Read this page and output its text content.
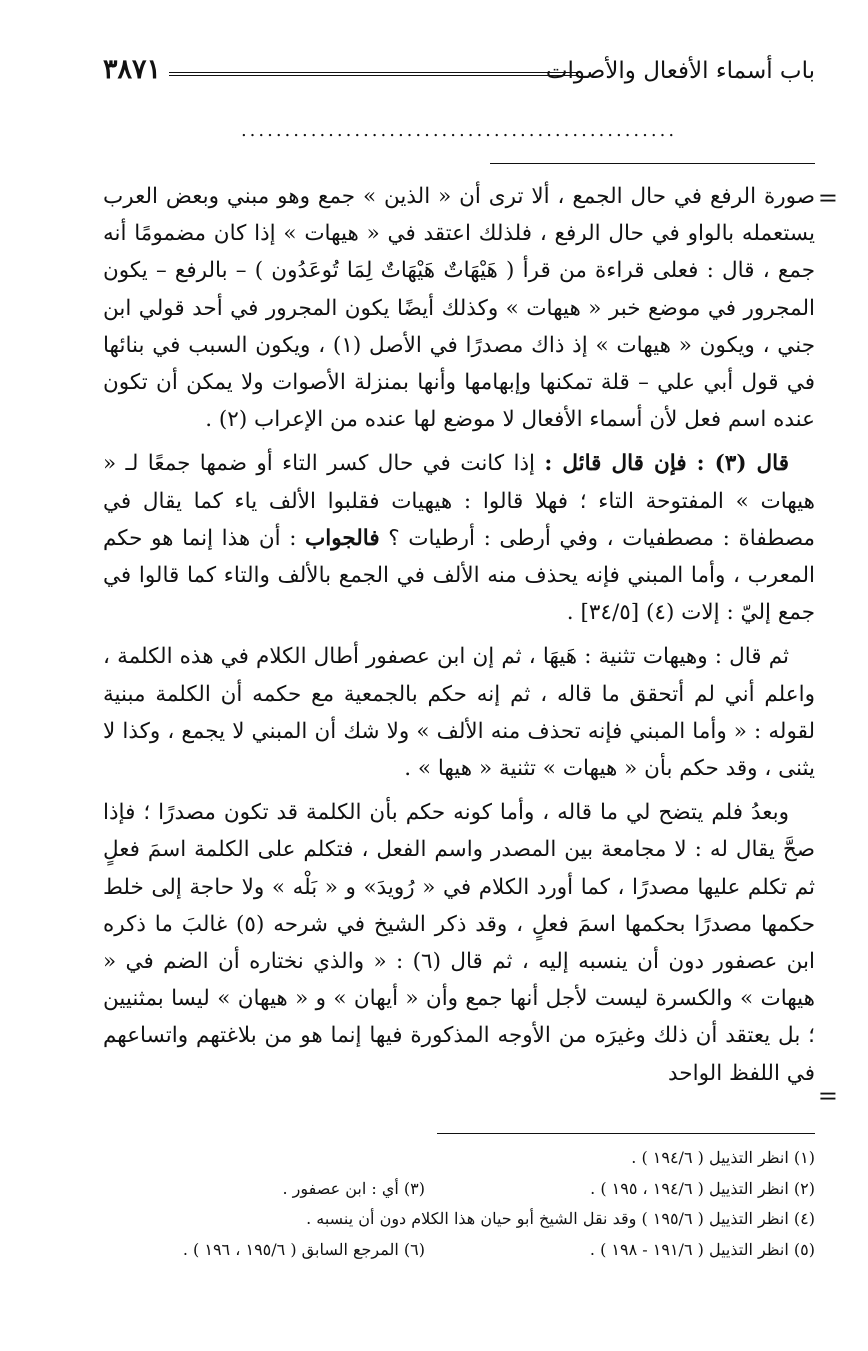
باب أسماء الأفعال والأصوات
٣٨٧١
..................................................
=

صورة الرفع في حال الجمع ، ألا ترى أن « الذين » جمع وهو مبني وبعض العرب يستعمله بالواو في حال الرفع ، فلذلك اعتقد في « هيهات » إذا كان مضمومًا أنه جمع ، قال : فعلى قراءة من قرأ ( هَيْهَاتٌ هَيْهَاتٌ لِمَا تُوعَدُون ) – بالرفع – يكون المجرور في موضع خبر « هيهات » وكذلك أيضًا يكون المجرور في أحد قولي ابن جني ، ويكون « هيهات » إذ ذاك مصدرًا في الأصل (١) ، ويكون السبب في بنائها في قول أبي علي – قلة تمكنها وإبهامها وأنها بمنزلة الأصوات ولا يمكن أن تكون عنده اسم فعل لأن أسماء الأفعال لا موضع لها عنده من الإعراب (٢) .

قال (٣) : فإن قال قائل : إذا كانت في حال كسر التاء أو ضمها جمعًا لـ « هيهات » المفتوحة التاء ؛ فهلا قالوا : هيهيات فقلبوا الألف ياء كما يقال في مصطفاة : مصطفيات ، وفي أرطى : أرطيات ؟ فالجواب : أن هذا إنما هو حكم المعرب ، وأما المبني فإنه يحذف منه الألف في الجمع بالألف والتاء كما قالوا في جمع إليّ : إلات (٤) [٣٤/٥] .

ثم قال : وهيهات تثنية : هَيهَا ، ثم إن ابن عصفور أطال الكلام في هذه الكلمة ، واعلم أني لم أتحقق ما قاله ، ثم إنه حكم بالجمعية مع حكمه أن الكلمة مبنية لقوله : « وأما المبني فإنه تحذف منه الألف » ولا شك أن المبني لا يجمع ، وكذا لا يثنى ، وقد حكم بأن « هيهات » تثنية « هيها » .

وبعدُ فلم يتضح لي ما قاله ، وأما كونه حكم بأن الكلمة قد تكون مصدرًا ؛ فإذا صحَّ يقال له : لا مجامعة بين المصدر واسم الفعل ، فتكلم على الكلمة اسمَ فعلٍ ثم تكلم عليها مصدرًا ، كما أورد الكلام في « رُويدَ» و « بَلْه » ولا حاجة إلى خلط حكمها مصدرًا بحكمها اسمَ فعلٍ ، وقد ذكر الشيخ في شرحه (٥) غالبَ ما ذكره ابن عصفور دون أن ينسبه إليه ، ثم قال (٦) : « والذي نختاره أن الضم في « هيهات » والكسرة ليست لأجل أنها جمع وأن « أيهان » و « هيهان » ليسا بمثنيين ؛ بل يعتقد أن ذلك وغيرَه من الأوجه المذكورة فيها إنما هو من بلاغتهم واتساعهم في اللفظ الواحد

=
(١) انظر التذييل ( ١٩٤/٦ ) .
(٢) انظر التذييل ( ١٩٤/٦ ، ١٩٥ ) .
(٣) أي : ابن عصفور .
(٤) انظر التذييل ( ١٩٥/٦ ) وقد نقل الشيخ أبو حيان هذا الكلام دون أن ينسبه .
(٥) انظر التذييل ( ١٩١/٦ - ١٩٨ ) .
(٦) المرجع السابق ( ١٩٥/٦ ، ١٩٦ ) .
